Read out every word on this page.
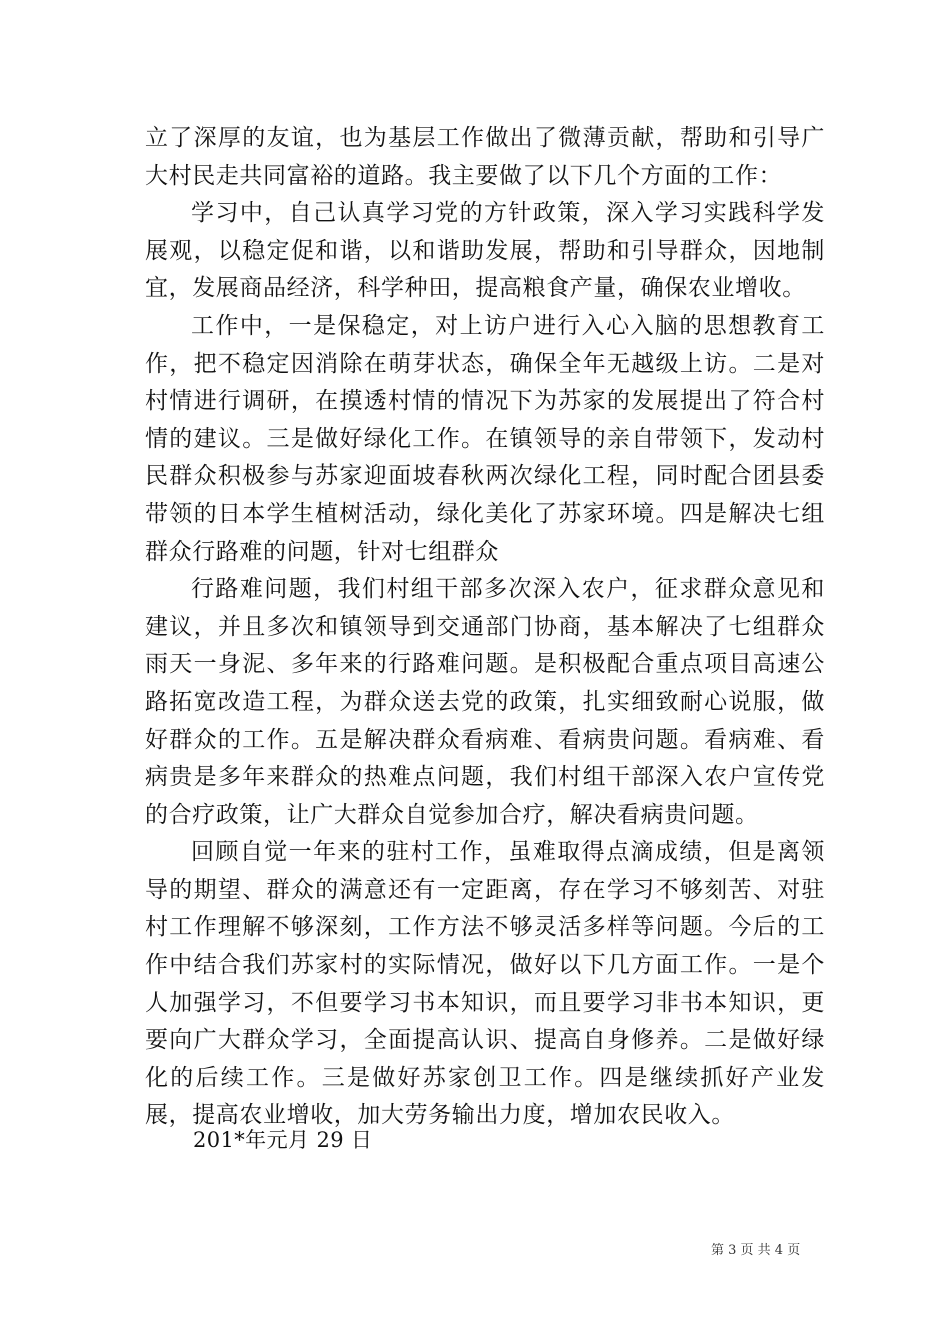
立了深厚的友谊，也为基层工作做出了微薄贡献，帮助和引导广大村民走共同富裕的道路。我主要做了以下几个方面的工作：

学习中，自己认真学习党的方针政策，深入学习实践科学发展观，以稳定促和谐，以和谐助发展，帮助和引导群众，因地制宜，发展商品经济，科学种田，提高粮食产量，确保农业增收。

工作中，一是保稳定，对上访户进行入心入脑的思想教育工作，把不稳定因消除在萌芽状态，确保全年无越级上访。二是对村情进行调研，在摸透村情的情况下为苏家的发展提出了符合村情的建议。三是做好绿化工作。在镇领导的亲自带领下，发动村民群众积极参与苏家迎面坡春秋两次绿化工程，同时配合团县委带领的日本学生植树活动，绿化美化了苏家环境。四是解决七组群众行路难的问题，针对七组群众

行路难问题，我们村组干部多次深入农户，征求群众意见和建议，并且多次和镇领导到交通部门协商，基本解决了七组群众雨天一身泥、多年来的行路难问题。是积极配合重点项目高速公路拓宽改造工程，为群众送去党的政策，扎实细致耐心说服，做好群众的工作。五是解决群众看病难、看病贵问题。看病难、看病贵是多年来群众的热难点问题，我们村组干部深入农户宣传党的合疗政策，让广大群众自觉参加合疗，解决看病贵问题。

回顾自觉一年来的驻村工作，虽难取得点滴成绩，但是离领导的期望、群众的满意还有一定距离，存在学习不够刻苦、对驻村工作理解不够深刻，工作方法不够灵活多样等问题。今后的工作中结合我们苏家村的实际情况，做好以下几方面工作。一是个人加强学习，不但要学习书本知识，而且要学习非书本知识，更要向广大群众学习，全面提高认识、提高自身修养。二是做好绿化的后续工作。三是做好苏家创卫工作。四是继续抓好产业发展，提高农业增收，加大劳务输出力度，增加农民收入。

201*年元月 29 日

第 3 页 共 4 页
